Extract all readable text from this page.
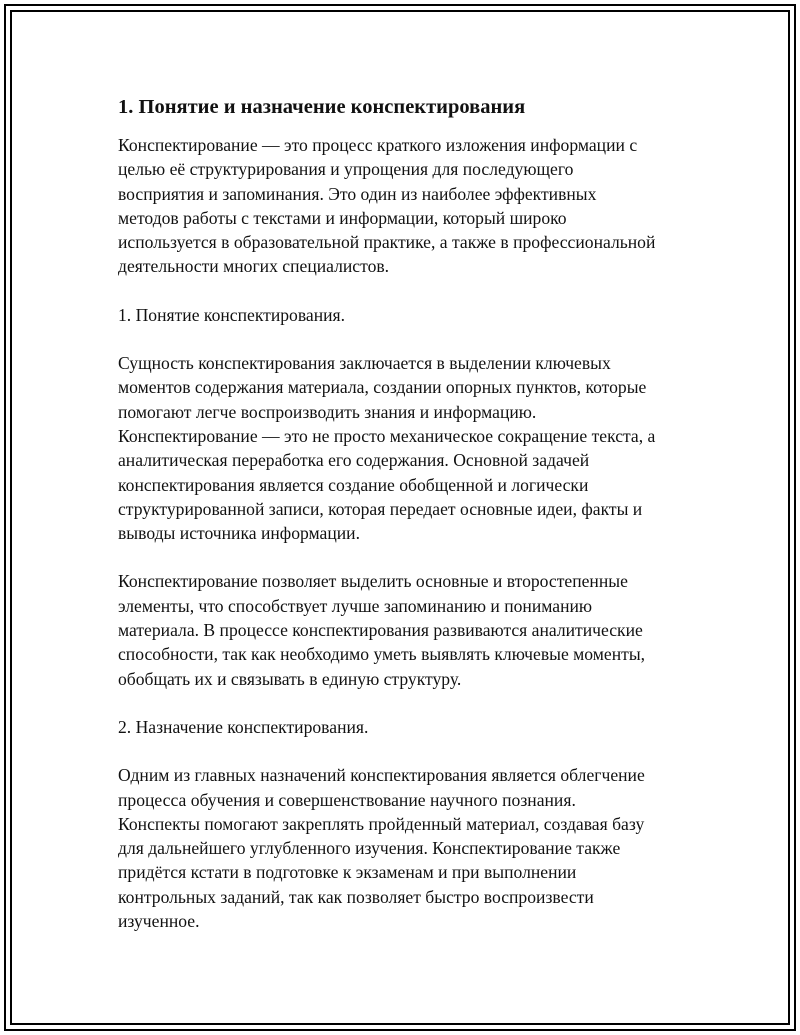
1. Понятие и назначение конспектирования
Конспектирование — это процесс краткого изложения информации с
целью её структурирования и упрощения для последующего
восприятия и запоминания. Это один из наиболее эффективных
методов работы с текстами и информации, который широко
используется в образовательной практике, а также в профессиональной
деятельности многих специалистов.
1. Понятие конспектирования.
Сущность конспектирования заключается в выделении ключевых
моментов содержания материала, создании опорных пунктов, которые
помогают легче воспроизводить знания и информацию.
Конспектирование — это не просто механическое сокращение текста, а
аналитическая переработка его содержания. Основной задачей
конспектирования является создание обобщенной и логически
структурированной записи, которая передает основные идеи, факты и
выводы источника информации.
Конспектирование позволяет выделить основные и второстепенные
элементы, что способствует лучше запоминанию и пониманию
материала. В процессе конспектирования развиваются аналитические
способности, так как необходимо уметь выявлять ключевые моменты,
обобщать их и связывать в единую структуру.
2. Назначение конспектирования.
Одним из главных назначений конспектирования является облегчение
процесса обучения и совершенствование научного познания.
Конспекты помогают закреплять пройденный материал, создавая базу
для дальнейшего углубленного изучения. Конспектирование также
придётся кстати в подготовке к экзаменам и при выполнении
контрольных заданий, так как позволяет быстро воспроизвести
изученное.
